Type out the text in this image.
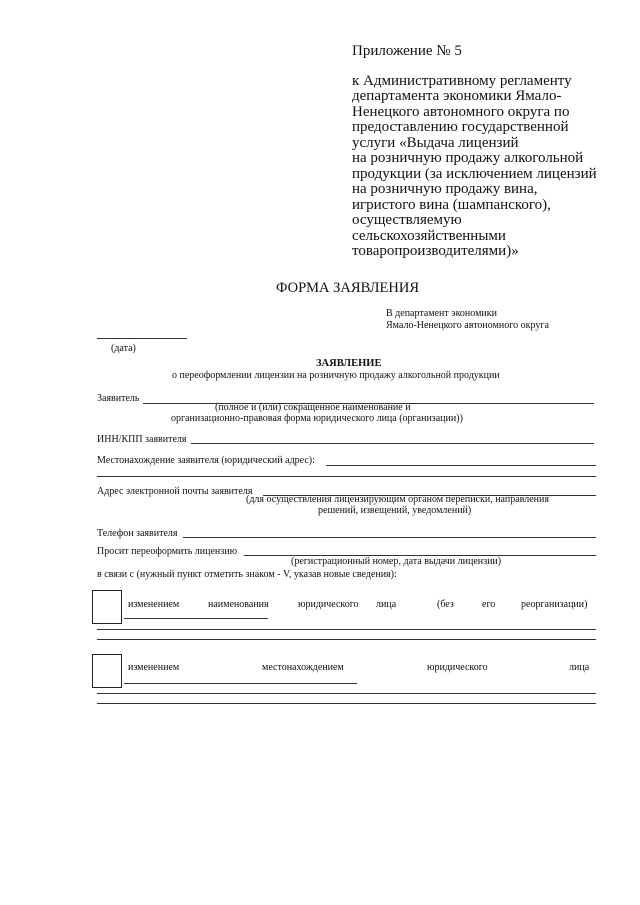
Приложение № 5
к Административному регламенту
департамента экономики Ямало-
Ненецкого автономного округа по
предоставлению государственной
услуги «Выдача лицензий
на розничную продажу алкогольной
продукции (за исключением лицензий
на розничную продажу вина,
игристого вина (шампанского),
осуществляемую
сельскохозяйственными
товаропроизводителями)»
ФОРМА ЗАЯВЛЕНИЯ
В департамент экономики
Ямало-Ненецкого автономного округа
(дата)
ЗАЯВЛЕНИЕ
о переоформлении лицензии на розничную продажу алкогольной продукции
Заявитель
(полное и (или) сокращенное наименование и
организационно-правовая форма юридического лица (организации))
ИНН/КПП заявителя
Местонахождение заявителя (юридический адрес):
Адрес электронной почты заявителя
(для осуществления лицензирующим органом переписки, направления
решений, извещений, уведомлений)
Телефон заявителя
Просит переоформить лицензию
(регистрационный номер, дата выдачи лицензии)
в связи с (нужный пункт отметить знаком - V, указав новые сведения):
изменением	наименования	юридического лица	(без	его	реорганизации)
изменением	местонахождением	юридического	лица
